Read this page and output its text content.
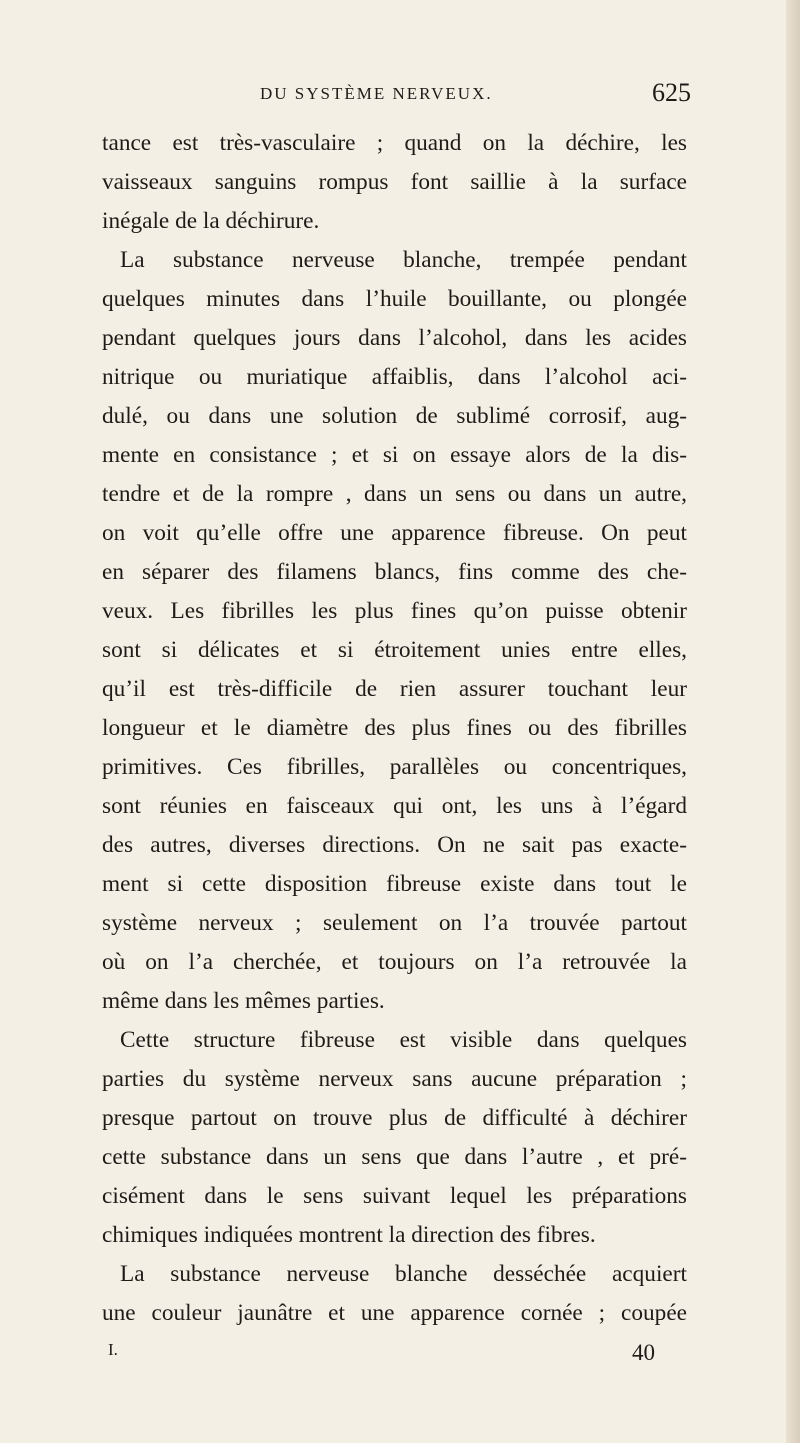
DU SYSTÈME NERVEUX.	625
tance est très-vasculaire ; quand on la déchire, les
vaisseaux sanguins rompus font saillie à la surface
inégale de la déchirure.
La substance nerveuse blanche, trempée pendant
quelques minutes dans l’huile bouillante, ou plongée
pendant quelques jours dans l’alcohol, dans les acides
nitrique ou muriatique affaiblis, dans l’alcohol aci-
dulé, ou dans une solution de sublimé corrosif, aug-
mente en consistance ; et si on essaye alors de la dis-
tendre et de la rompre , dans un sens ou dans un autre,
on voit qu’elle offre une apparence fibreuse. On peut
en séparer des filamens blancs, fins comme des che-
veux. Les fibrilles les plus fines qu’on puisse obtenir
sont si délicates et si étroitement unies entre elles,
qu’il est très-difficile de rien assurer touchant leur
longueur et le diamètre des plus fines ou des fibrilles
primitives. Ces fibrilles, parallèles ou concentriques,
sont réunies en faisceaux qui ont, les uns à l’égard
des autres, diverses directions. On ne sait pas exacte-
ment si cette disposition fibreuse existe dans tout le
système nerveux ; seulement on l’a trouvée partout
où on l’a cherchée, et toujours on l’a retrouvée la
même dans les mêmes parties.
Cette structure fibreuse est visible dans quelques
parties du système nerveux sans aucune préparation ;
presque partout on trouve plus de difficulté à déchirer
cette substance dans un sens que dans l’autre , et pré-
cisément dans le sens suivant lequel les préparations
chimiques indiquées montrent la direction des fibres.
La substance nerveuse blanche desséchée acquiert
une couleur jaunâtre et une apparence cornée ; coupée
I.	40
